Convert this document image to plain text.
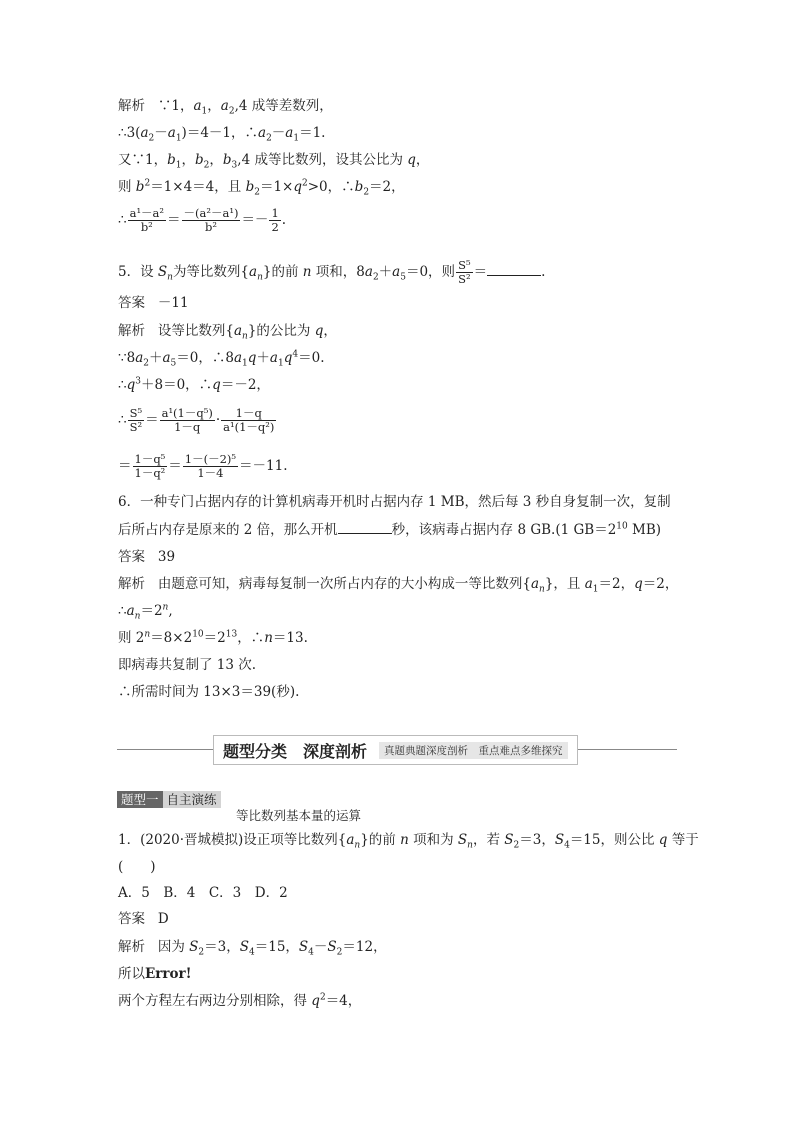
解析 ∵1，$a_1$，$a_2,4$ 成等差数列，
$\therefore 3(a_2-a_1)=4-1$，$\therefore a_2-a_1=1$.
又∵1，$b_1$，$b_2$，$b_3,4$ 成等比数列，设其公比为 q，
则 $b^2=1\times 4=4$，且 $b_2=1\times q^2>0$，$\therefore b_2=2$，
∴ $\frac{\text{a¹－a²}}{\text{b²}} = \frac{\text{－(a²－a¹)}}{\text{b²}} =- \frac{1}{2}$ .
5．设 $S_n$为等比数列$\{a_n\}$的前 n 项和，$8a_2+a_5=0$，则 $\frac{\text{S⁵}}{\text{S²}}$ ＝	.
答案 －11
解析 设等比数列$\{a_n\}$的公比为 q，
$\because 8a_2+a_5=0$，$\therefore 8a_1q+a_1q^4=0$.
$\therefore q^3+8=0$，∴q＝－2，
∴ $\frac{\text{S⁵}}{\text{S²}} = \frac{\text{a¹(1－q⁵)}}{1-q} \cdot \frac{1-q}{\text{a¹(1－q²)}}$
＝ $\frac{\text{1－q⁵}}{\text{1－q²}} = \frac{\text{1－(－2)⁵}}{1-4} =-11$.
6．一种专门占据内存的计算机病毒开机时占据内存 1 MB，然后每 3 秒自身复制一次，复制
后所占内存是原来的 2 倍，那么开机	秒，该病毒占据内存 8 GB.(1 $GB=2^{10}$ MB)
答案 39
解析 由题意可知，病毒每复制一次所占内存的大小构成一等比数列$\{a_n\}$，且 $a_1=2$，q＝2，
$\therefore a_n=2^n$,
则 $2^n=8\times 2^{10}=2^{13}$，∴n＝13.
即病毒共复制了 13 次.
∴所需时间为 13×3＝39(秒).
题型分类　深度剖析	真题典题深度剖析　重点难点多维探究
题型一 自主演练
等比数列基本量的运算
1．(2020·晋城模拟)设正项等比数列$\{a_n\}$的前 n 项和为 $S_n$，若 $S_2=3$，$S_4=15$，则公比 q 等于
(　　)
A．5　B．4　C．3　D．2
答案 D
解析 因为 $S_2=3$，$S_4=15$，$S_4-S_2=12$，
所以Error!
两个方程左右两边分别相除，得 $q^2=4$，
